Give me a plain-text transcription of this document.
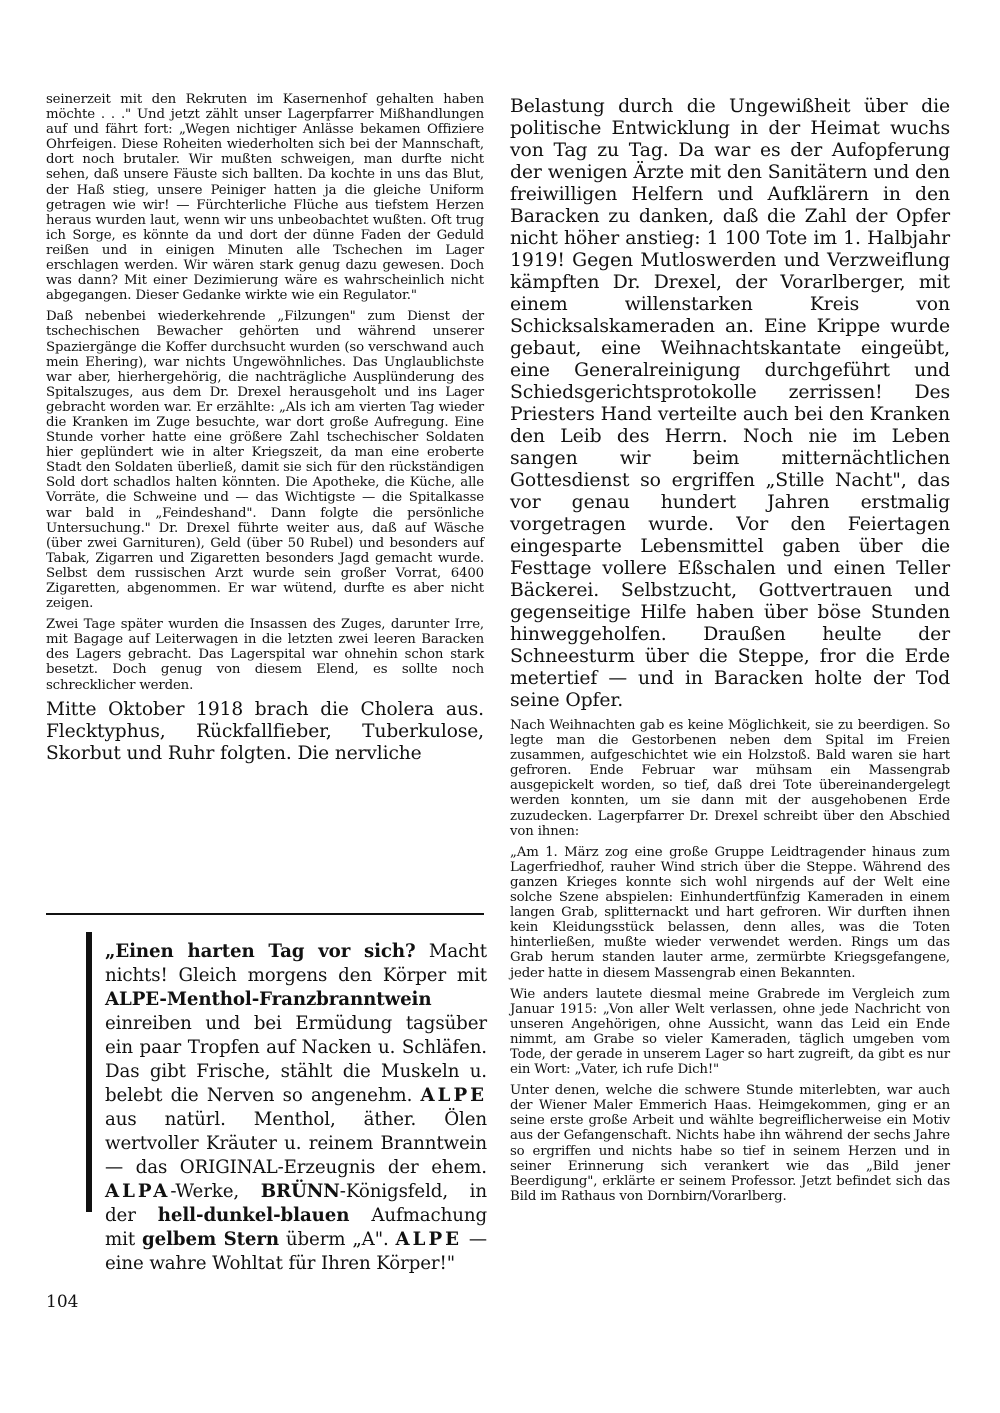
seinerzeit mit den Rekruten im Kasernenhof gehalten haben möchte . . ." Und jetzt zählt unser Lagerpfarrer Mißhandlungen auf und fährt fort: „Wegen nichtiger Anlässe bekamen Offiziere Ohrfeigen. Diese Roheiten wiederholten sich bei der Mannschaft, dort noch brutaler. Wir mußten schweigen, man durfte nicht sehen, daß unsere Fäuste sich ballten. Da kochte in uns das Blut, der Haß stieg, unsere Peiniger hatten ja die gleiche Uniform getragen wie wir! — Fürchterliche Flüche aus tiefstem Herzen heraus wurden laut, wenn wir uns unbeobachtet wußten. Oft trug ich Sorge, es könnte da und dort der dünne Faden der Geduld reißen und in einigen Minuten alle Tschechen im Lager erschlagen werden. Wir wären stark genug dazu gewesen. Doch was dann? Mit einer Dezimierung wäre es wahrscheinlich nicht abgegangen. Dieser Gedanke wirkte wie ein Regulator."

Daß nebenbei wiederkehrende „Filzungen" zum Dienst der tschechischen Bewacher gehörten und während unserer Spaziergänge die Koffer durchsucht wurden (so verschwand auch mein Ehering), war nichts Ungewöhnliches. Das Unglaublichste war aber, hierhergehörig, die nachträgliche Ausplünderung des Spitalszuges, aus dem Dr. Drexel herausgeholt und ins Lager gebracht worden war. Er erzählte: „Als ich am vierten Tag wieder die Kranken im Zuge besuchte, war dort große Aufregung. Eine Stunde vorher hatte eine größere Zahl tschechischer Soldaten hier geplündert wie in alter Kriegszeit, da man eine eroberte Stadt den Soldaten überließ, damit sie sich für den rückständigen Sold dort schadlos halten könnten. Die Apotheke, die Küche, alle Vorräte, die Schweine und — das Wichtigste — die Spitalkasse war bald in „Feindeshand". Dann folgte die persönliche Untersuchung." Dr. Drexel führte weiter aus, daß auf Wäsche (über zwei Garnituren), Geld (über 50 Rubel) und besonders auf Tabak, Zigarren und Zigaretten besonders Jagd gemacht wurde. Selbst dem russischen Arzt wurde sein großer Vorrat, 6400 Zigaretten, abgenommen. Er war wütend, durfte es aber nicht zeigen.

Zwei Tage später wurden die Insassen des Zuges, darunter Irre, mit Bagage auf Leiterwagen in die letzten zwei leeren Baracken des Lagers gebracht. Das Lagerspital war ohnehin schon stark besetzt. Doch genug von diesem Elend, es sollte noch schrecklicher werden.

Mitte Oktober 1918 brach die Cholera aus. Flecktyphus, Rückfallfieber, Tuberkulose, Skorbut und Ruhr folgten. Die nervliche
„Einen harten Tag vor sich? Macht nichts! Gleich morgens den Körper mit ALPE-Menthol-Franzbranntwein einreiben und bei Ermüdung tagsüber ein paar Tropfen auf Nacken u. Schläfen. Das gibt Frische, stählt die Muskeln u. belebt die Nerven so angenehm. ALPE aus natürl. Menthol, äther. Ölen wertvoller Kräuter u. reinem Branntwein — das ORIGINAL-Erzeugnis der ehem. ALPA-Werke, BRÜNN-Königsfeld, in der hell-dunkel-blauen Aufmachung mit gelbem Stern überm „A". ALPE — eine wahre Wohltat für Ihren Körper!"
104
Belastung durch die Ungewißheit über die politische Entwicklung in der Heimat wuchs von Tag zu Tag. Da war es der Aufopferung der wenigen Ärzte mit den Sanitätern und den freiwilligen Helfern und Aufklärern in den Baracken zu danken, daß die Zahl der Opfer nicht höher anstieg: 1 100 Tote im 1. Halbjahr 1919! Gegen Mutloswerden und Verzweiflung kämpften Dr. Drexel, der Vorarlberger, mit einem willenstarken Kreis von Schicksalskameraden an. Eine Krippe wurde gebaut, eine Weihnachtskantate eingeübt, eine Generalreinigung durchgeführt und Schiedsgerichtsprotokolle zerrissen! Des Priesters Hand verteilte auch bei den Kranken den Leib des Herrn. Noch nie im Leben sangen wir beim mitternächtlichen Gottesdienst so ergriffen „Stille Nacht", das vor genau hundert Jahren erstmalig vorgetragen wurde. Vor den Feiertagen eingesparte Lebensmittel gaben über die Festtage vollere Eßschalen und einen Teller Bäckerei. Selbstzucht, Gottvertrauen und gegenseitige Hilfe haben über böse Stunden hinweggeholfen. Draußen heulte der Schneesturm über die Steppe, fror die Erde metertief — und in Baracken holte der Tod seine Opfer.

Nach Weihnachten gab es keine Möglichkeit, sie zu beerdigen. So legte man die Gestorbenen neben dem Spital im Freien zusammen, aufgeschichtet wie ein Holzstoß. Bald waren sie hart gefroren. Ende Februar war mühsam ein Massengrab ausgepickelt worden, so tief, daß drei Tote übereinandergelegt werden konnten, um sie dann mit der ausgehobenen Erde zuzudecken. Lagerpfarrer Dr. Drexel schreibt über den Abschied von ihnen:

„Am 1. März zog eine große Gruppe Leidtragender hinaus zum Lagerfriedhof, rauher Wind strich über die Steppe. Während des ganzen Krieges konnte sich wohl nirgends auf der Welt eine solche Szene abspielen: Einhundertfünfzig Kameraden in einem langen Grab, splitternackt und hart gefroren. Wir durften ihnen kein Kleidungsstück belassen, denn alles, was die Toten hinterließen, mußte wieder verwendet werden. Rings um das Grab herum standen lauter arme, zermürbte Kriegsgefangene, jeder hatte in diesem Massengrab einen Bekannten.

Wie anders lautete diesmal meine Grabrede im Vergleich zum Januar 1915: „Von aller Welt verlassen, ohne jede Nachricht von unseren Angehörigen, ohne Aussicht, wann das Leid ein Ende nimmt, am Grabe so vieler Kameraden, täglich umgeben vom Tode, der gerade in unserem Lager so hart zugreift, da gibt es nur ein Wort: „Vater, ich rufe Dich!"

Unter denen, welche die schwere Stunde miterlebten, war auch der Wiener Maler Emmerich Haas. Heimgekommen, ging er an seine erste große Arbeit und wählte begreiflicherweise ein Motiv aus der Gefangenschaft. Nichts habe ihn während der sechs Jahre so ergriffen und nichts habe so tief in seinem Herzen und in seiner Erinnerung sich verankert wie das „Bild jener Beerdigung", erklärte er seinem Professor. Jetzt befindet sich das Bild im Rathaus von Dornbirn/Vorarlberg.
